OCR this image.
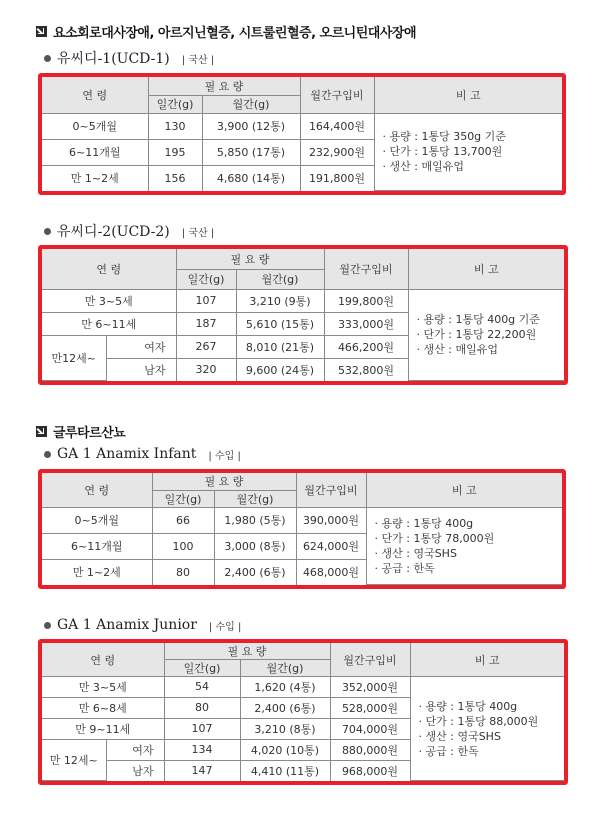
요소회로대사장애, 아르지닌혈증, 시트룰린혈증, 오르니틴대사장애
유씨디-1(UCD-1) | 국산 |
연 령	필 요 량		월간구입비	비 고
	일간(g)	월간(g)		
0~5개월	130	3,900 (12통)	164,400원	· 용량 : 1통당 350g 기준
· 단가 : 1통당 13,700원
· 생산 : 매일유업

6~11개월	195	5,850 (17통)	232,900원	
만 1~2세	156	4,680 (14통)	191,800원	
유씨디-2(UCD-2) | 국산 |
연 령		필 요 량		월간구입비	비 고
		일간(g)	월간(g)		
만 3~5세		107	3,210 (9통)	199,800원	· 용량 : 1통당 400g 기준
· 단가 : 1통당 22,200원
· 생산 : 매일유업

만 6~11세		187	5,610 (15통)	333,000원	
만12세~	여자	267	8,010 (21통)	466,200원	
	남자	320	9,600 (24통)	532,800원	
글루타르산뇨
GA 1 Anamix Infant | 수입 |
연 령	필 요 량		월간구입비	비 고
	일간(g)	월간(g)		
0~5개월	66	1,980 (5통)	390,000원	· 용량 : 1통당 400g
· 단가 : 1통당 78,000원
· 생산 : 영국SHS
· 공급 : 한독

6~11개월	100	3,000 (8통)	624,000원	
만 1~2세	80	2,400 (6통)	468,000원	
GA 1 Anamix Junior | 수입 |
연 령		필 요 량		월간구입비	비 고
		일간(g)	월간(g)		
만 3~5세		54	1,620 (4통)	352,000원	· 용량 : 1통당 400g
· 단가 : 1통당 88,000원
· 생산 : 영국SHS
· 공급 : 한독

만 6~8세		80	2,400 (6통)	528,000원	
만 9~11세		107	3,210 (8통)	704,000원	
만 12세~	여자	134	4,020 (10통)	880,000원	
	남자	147	4,410 (11통)	968,000원	
